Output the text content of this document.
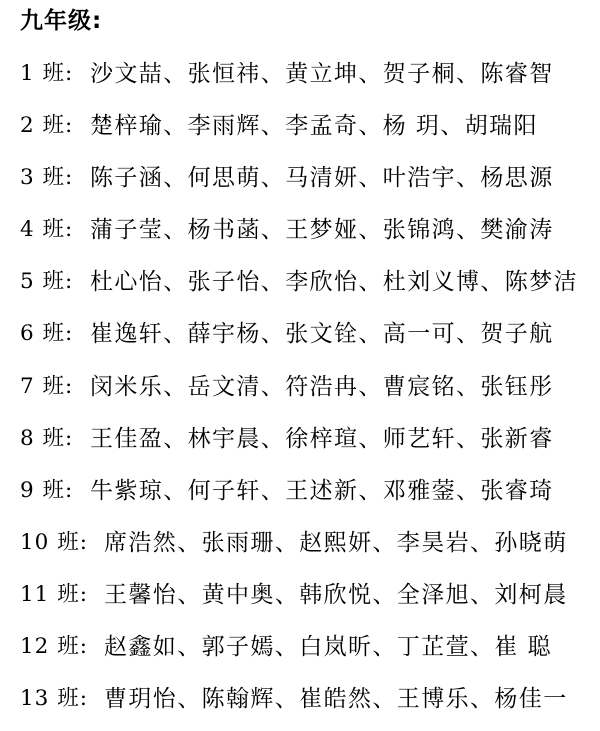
九年级:
1 班: 沙文喆、张恒祎、黄立坤、贺子桐、陈睿智
2 班: 楚梓瑜、李雨辉、李孟奇、杨 玥、胡瑞阳
3 班: 陈子涵、何思萌、马清妍、叶浩宇、杨思源
4 班: 蒲子莹、杨书菡、王梦娅、张锦鸿、樊渝涛
5 班: 杜心怡、张子怡、李欣怡、杜刘义博、陈梦洁
6 班: 崔逸轩、薛宇杨、张文铨、高一可、贺子航
7 班: 闵米乐、岳文清、符浩冉、曹宸铭、张钰彤
8 班: 王佳盈、林宇晨、徐梓瑄、师艺轩、张新睿
9 班: 牛紫琼、何子轩、王述新、邓雅蓥、张睿琦
10 班: 席浩然、张雨珊、赵熙妍、李昊岩、孙晓萌
11 班: 王馨怡、黄中奥、韩欣悦、全泽旭、刘柯晨
12 班: 赵鑫如、郭子嫣、白岚昕、丁芷萱、崔 聪
13 班: 曹玥怡、陈翰辉、崔皓然、王博乐、杨佳一
